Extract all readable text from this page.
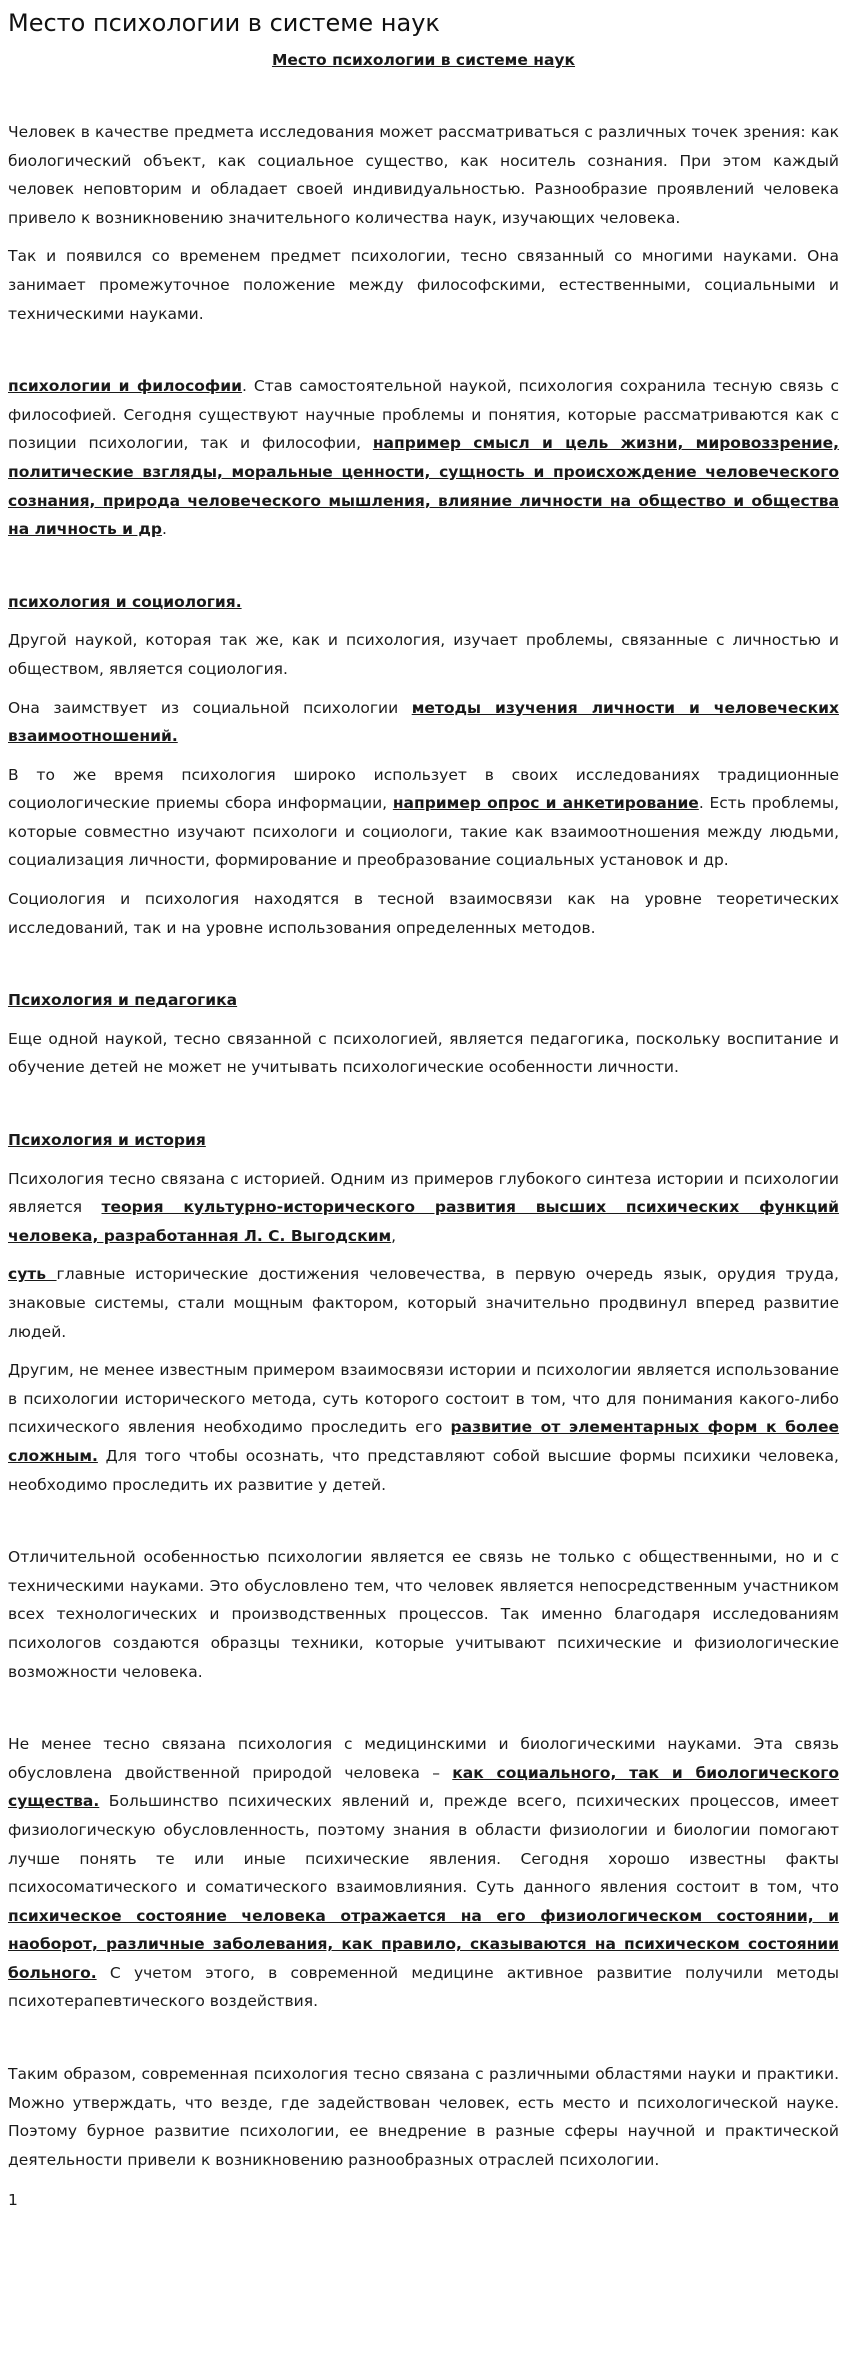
Место психологии в системе наук
Место психологии в системе наук
Человек в качестве предмета исследования может рассматриваться с различных точек зрения: как биологический объект, как социальное существо, как носитель сознания. При этом каждый человек неповторим и обладает своей индивидуальностью. Разнообразие проявлений человека привело к возникновению значительного количества наук, изучающих человека.
Так и появился со временем предмет психологии, тесно связанный со многими науками. Она занимает промежуточное положение между философскими, естественными, социальными и техническими науками.
психологии и философии. Став самостоятельной наукой, психология сохранила тесную связь с философией. Сегодня существуют научные проблемы и понятия, которые рассматриваются как с позиции психологии, так и философии, например смысл и цель жизни, мировоззрение, политические взгляды, моральные ценности, сущность и происхождение человеческого сознания, природа человеческого мышления, влияние личности на общество и общества на личность и др.
психология и социология.
Другой наукой, которая так же, как и психология, изучает проблемы, связанные с личностью и обществом, является социология.
Она заимствует из социальной психологии методы изучения личности и человеческих взаимоотношений.
В то же время психология широко использует в своих исследованиях традиционные социологические приемы сбора информации, например опрос и анкетирование. Есть проблемы, которые совместно изучают психологи и социологи, такие как взаимоотношения между людьми, социализация личности, формирование и преобразование социальных установок и др.
Социология и психология находятся в тесной взаимосвязи как на уровне теоретических исследований, так и на уровне использования определенных методов.
Психология и педагогика
Еще одной наукой, тесно связанной с психологией, является педагогика, поскольку воспитание и обучение детей не может не учитывать психологические особенности личности.
Психология и история
Психология тесно связана с историей. Одним из примеров глубокого синтеза истории и психологии является теория культурно-исторического развития высших психических функций человека, разработанная Л. С. Выгодским,
суть главные исторические достижения человечества, в первую очередь язык, орудия труда, знаковые системы, стали мощным фактором, который значительно продвинул вперед развитие людей.
Другим, не менее известным примером взаимосвязи истории и психологии является использование в психологии исторического метода, суть которого состоит в том, что для понимания какого-либо психического явления необходимо проследить его развитие от элементарных форм к более сложным. Для того чтобы осознать, что представляют собой высшие формы психики человека, необходимо проследить их развитие у детей.
Отличительной особенностью психологии является ее связь не только с общественными, но и с техническими науками. Это обусловлено тем, что человек является непосредственным участником всех технологических и производственных процессов. Так именно благодаря исследованиям психологов создаются образцы техники, которые учитывают психические и физиологические возможности человека.
Не менее тесно связана психология с медицинскими и биологическими науками. Эта связь обусловлена двойственной природой человека – как социального, так и биологического существа. Большинство психических явлений и, прежде всего, психических процессов, имеет физиологическую обусловленность, поэтому знания в области физиологии и биологии помогают лучше понять те или иные психические явления. Сегодня хорошо известны факты психосоматического и соматического взаимовлияния. Суть данного явления состоит в том, что психическое состояние человека отражается на его физиологическом состоянии, и наоборот, различные заболевания, как правило, сказываются на психическом состоянии больного. С учетом этого, в современной медицине активное развитие получили методы психотерапевтического воздействия.
Таким образом, современная психология тесно связана с различными областями науки и практики. Можно утверждать, что везде, где задействован человек, есть место и психологической науке. Поэтому бурное развитие психологии, ее внедрение в разные сферы научной и практической деятельности привели к возникновению разнообразных отраслей психологии.
1
